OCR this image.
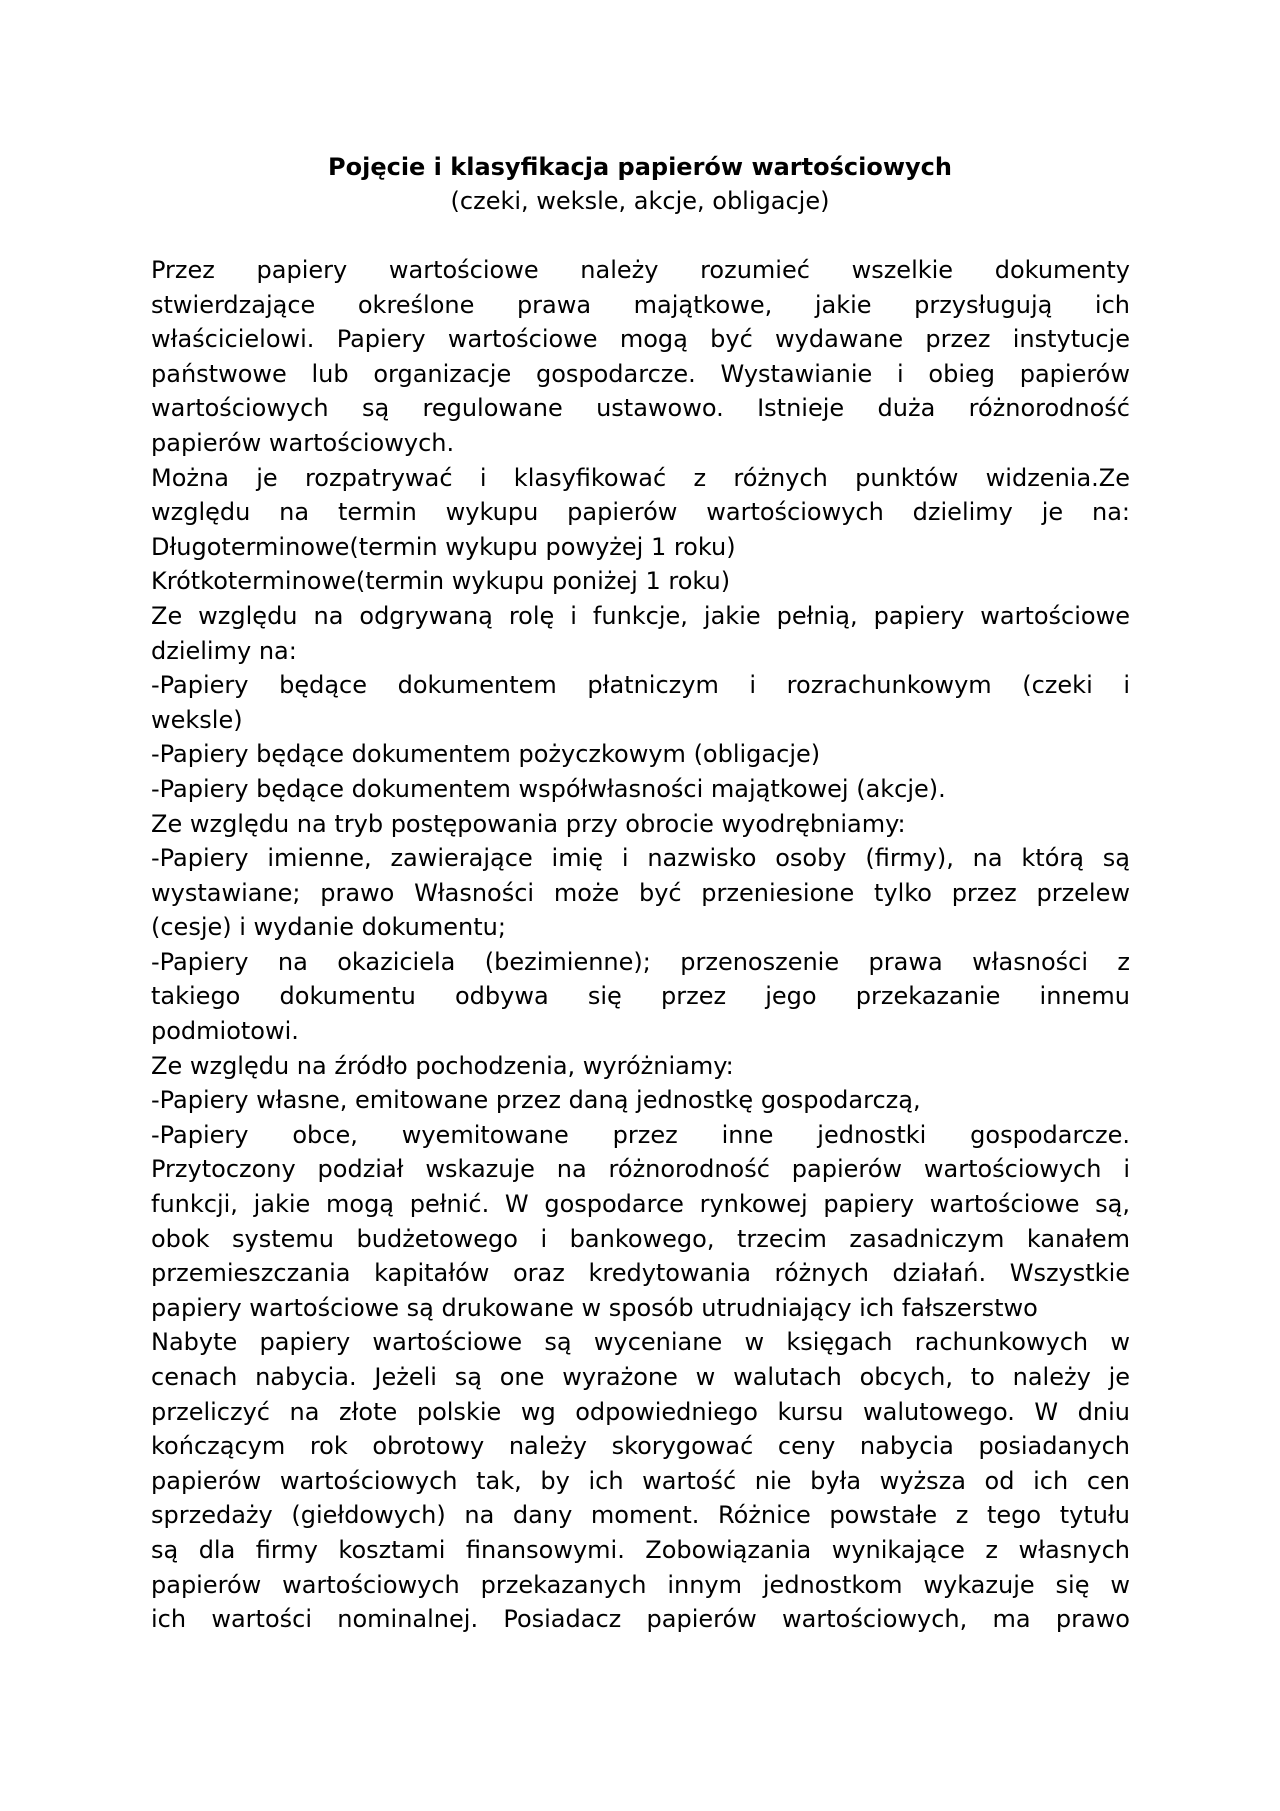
Pojęcie i klasyfikacja papierów wartościowych
(czeki, weksle, akcje, obligacje)
Przez papiery wartościowe należy rozumieć wszelkie dokumenty
stwierdzające określone prawa majątkowe, jakie przysługują ich
właścicielowi. Papiery wartościowe mogą być wydawane przez instytucje
państwowe lub organizacje gospodarcze. Wystawianie i obieg papierów
wartościowych są regulowane ustawowo. Istnieje duża różnorodność
papierów wartościowych.
Można je rozpatrywać i klasyfikować z różnych punktów widzenia.Ze
względu na termin wykupu papierów wartościowych dzielimy je na:
Długoterminowe(termin wykupu powyżej 1 roku)
Krótkoterminowe(termin wykupu poniżej 1 roku)
Ze względu na odgrywaną rolę i funkcje, jakie pełnią, papiery wartościowe
dzielimy na:
-Papiery będące dokumentem płatniczym i rozrachunkowym (czeki i
weksle)
-Papiery będące dokumentem pożyczkowym (obligacje)
-Papiery będące dokumentem współwłasności majątkowej (akcje).
Ze względu na tryb postępowania przy obrocie wyodrębniamy:
-Papiery imienne, zawierające imię i nazwisko osoby (firmy), na którą są
wystawiane; prawo Własności może być przeniesione tylko przez przelew
(cesje) i wydanie dokumentu;
-Papiery na okaziciela (bezimienne); przenoszenie prawa własności z
takiego dokumentu odbywa się przez jego przekazanie innemu
podmiotowi.
Ze względu na źródło pochodzenia, wyróżniamy:
-Papiery własne, emitowane przez daną jednostkę gospodarczą,
-Papiery obce, wyemitowane przez inne jednostki gospodarcze.
Przytoczony podział wskazuje na różnorodność papierów wartościowych i
funkcji, jakie mogą pełnić. W gospodarce rynkowej papiery wartościowe są,
obok systemu budżetowego i bankowego, trzecim zasadniczym kanałem
przemieszczania kapitałów oraz kredytowania różnych działań. Wszystkie
papiery wartościowe są drukowane w sposób utrudniający ich fałszerstwo
Nabyte papiery wartościowe są wyceniane w księgach rachunkowych w
cenach nabycia. Jeżeli są one wyrażone w walutach obcych, to należy je
przeliczyć na złote polskie wg odpowiedniego kursu walutowego. W dniu
kończącym rok obrotowy należy skorygować ceny nabycia posiadanych
papierów wartościowych tak, by ich wartość nie była wyższa od ich cen
sprzedaży (giełdowych) na dany moment. Różnice powstałe z tego tytułu
są dla firmy kosztami finansowymi. Zobowiązania wynikające z własnych
papierów wartościowych przekazanych innym jednostkom wykazuje się w
ich wartości nominalnej. Posiadacz papierów wartościowych, ma prawo
